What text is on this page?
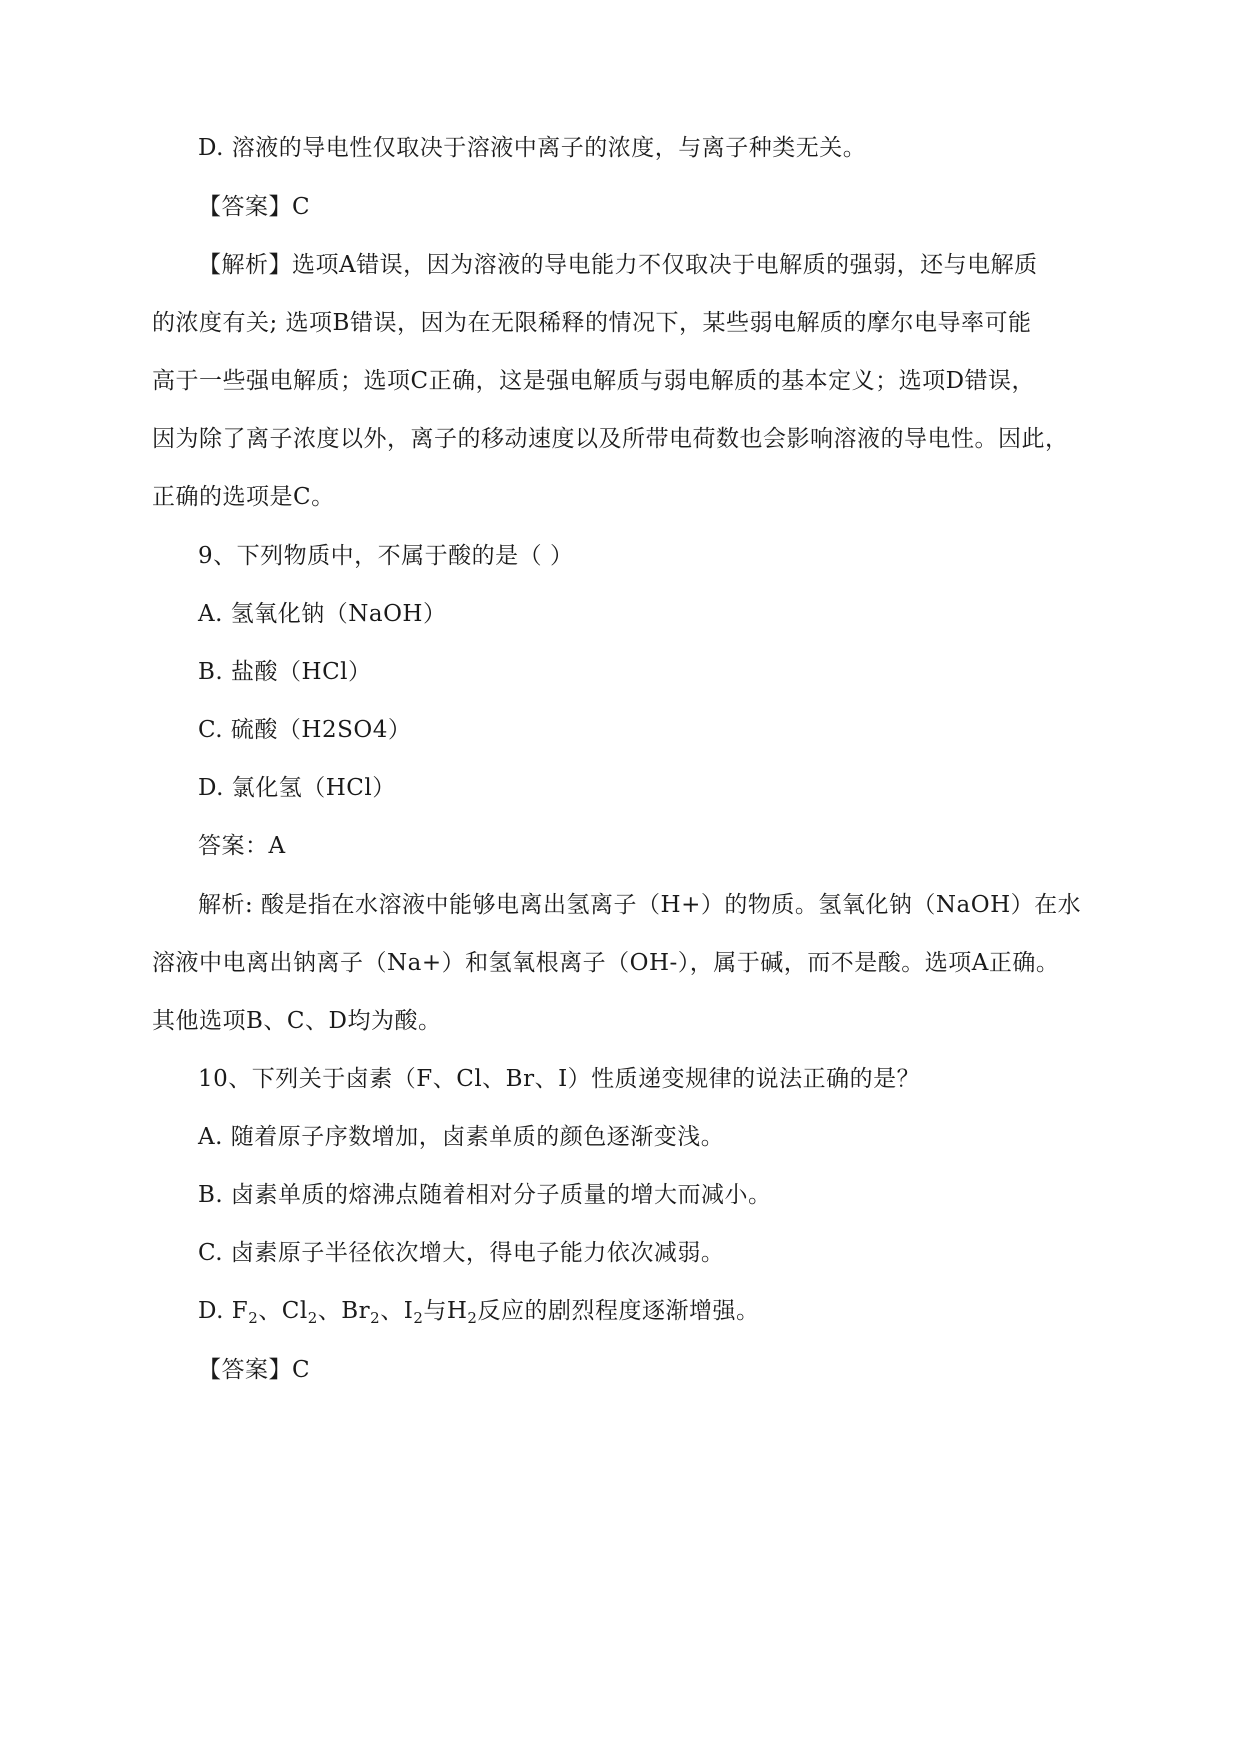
D. 溶液的导电性仅取决于溶液中离子的浓度，与离子种类无关。
【答案】C
【解析】选项A错误，因为溶液的导电能力不仅取决于电解质的强弱，还与电解质
的浓度有关; 选项B错误，因为在无限稀释的情况下，某些弱电解质的摩尔电导率可能
高于一些强电解质；选项C正确，这是强电解质与弱电解质的基本定义；选项D错误，
因为除了离子浓度以外，离子的移动速度以及所带电荷数也会影响溶液的导电性。因此，
正确的选项是C。
9、下列物质中，不属于酸的是（ ）
A. 氢氧化钠（NaOH）
B. 盐酸（HCl）
C. 硫酸（H2SO4）
D. 氯化氢（HCl）
答案：A
解析: 酸是指在水溶液中能够电离出氢离子（H+）的物质。氢氧化钠（NaOH）在水
溶液中电离出钠离子（Na+）和氢氧根离子（OH-），属于碱，而不是酸。选项A正确。
其他选项B、C、D均为酸。
10、下列关于卤素（F、Cl、Br、I）性质递变规律的说法正确的是？
A. 随着原子序数增加，卤素单质的颜色逐渐变浅。
B. 卤素单质的熔沸点随着相对分子质量的增大而减小。
C. 卤素原子半径依次增大，得电子能力依次减弱。
D. $F_2$、$Cl_2$、$Br_2$、$I_2$与$H_2$反应的剧烈程度逐渐增强。
【答案】C
